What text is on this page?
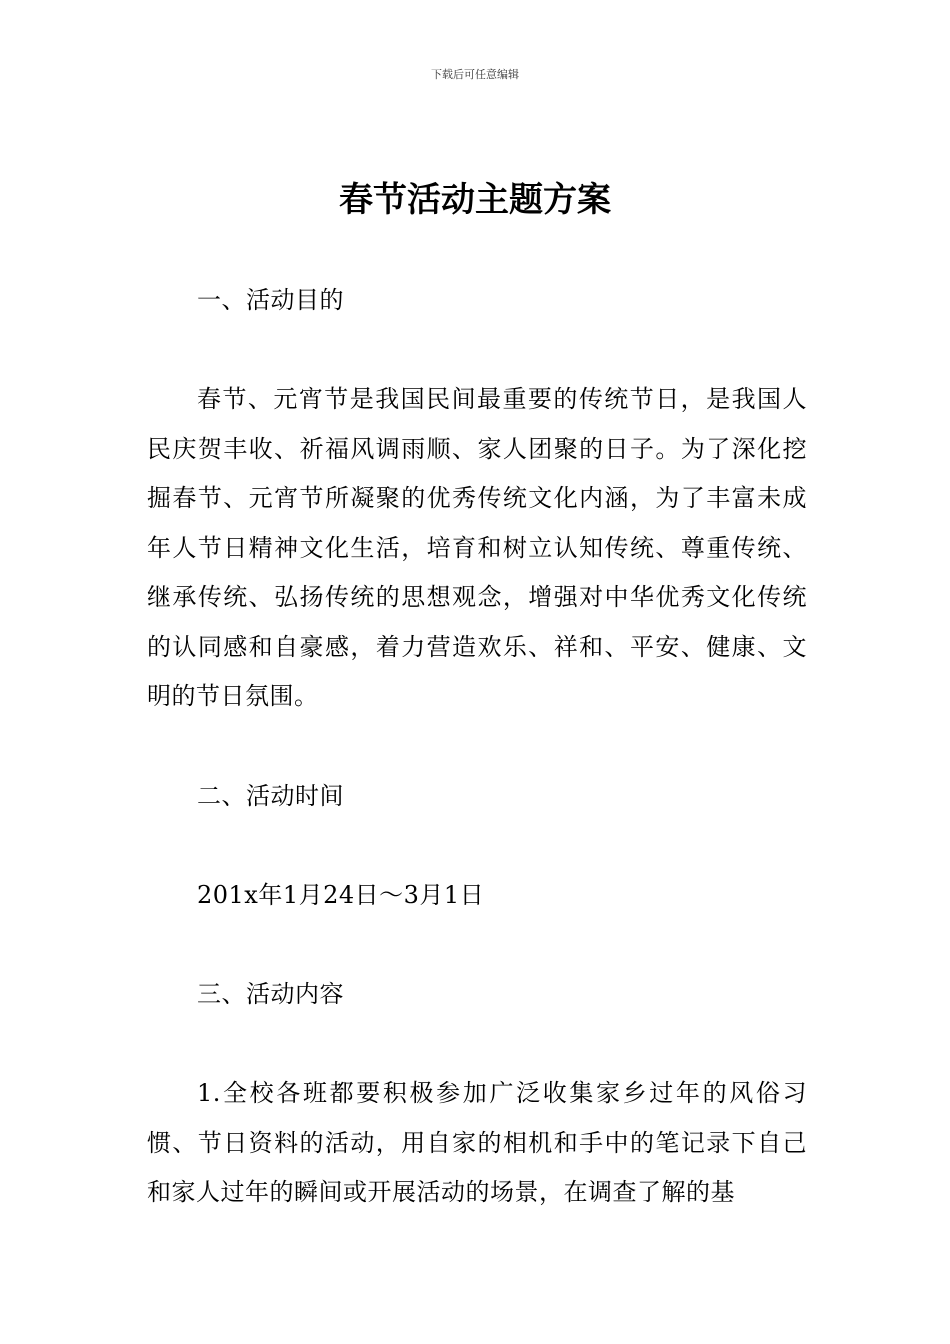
下载后可任意编辑
春节活动主题方案
一、活动目的
春节、元宵节是我国民间最重要的传统节日，是我国人民庆贺丰收、祈福风调雨顺、家人团聚的日子。为了深化挖掘春节、元宵节所凝聚的优秀传统文化内涵，为了丰富未成年人节日精神文化生活，培育和树立认知传统、尊重传统、继承传统、弘扬传统的思想观念，增强对中华优秀文化传统的认同感和自豪感，着力营造欢乐、祥和、平安、健康、文明的节日氛围。
二、活动时间
201x年1月24日～3月1日
三、活动内容
1.全校各班都要积极参加广泛收集家乡过年的风俗习惯、节日资料的活动，用自家的相机和手中的笔记录下自己和家人过年的瞬间或开展活动的场景，在调查了解的基
